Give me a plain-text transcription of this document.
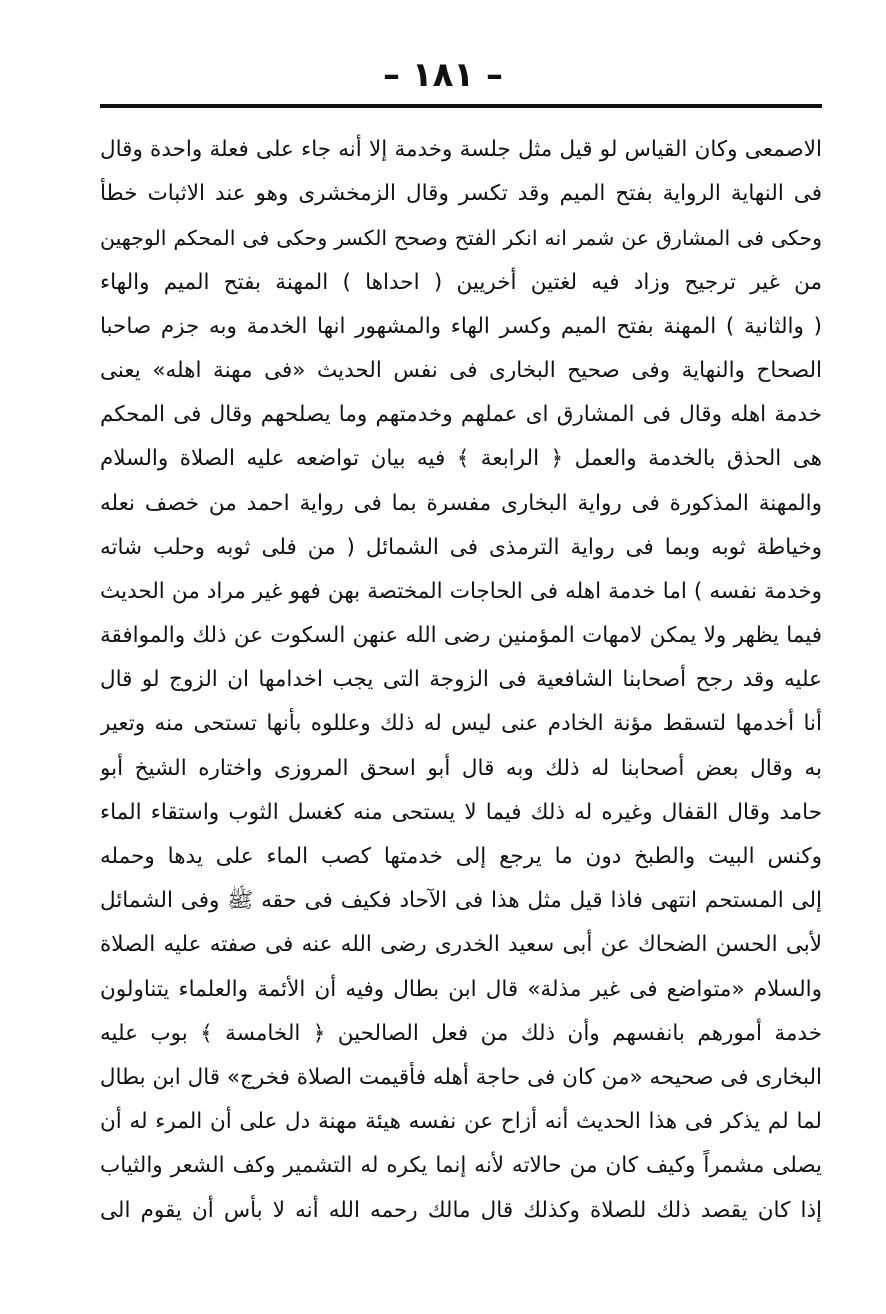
– ١٨١ –
الاصمعی وكان القياس لو قيل مثل جلسة وخدمة إلا أنه جاء على فعلة واحدة وقال
فی النهاية الرواية بفتح الميم وقد تكسر وقال الزمخشری وهو عند الاثبات خطأ
وحكى فی المشارق عن شمر انه انكر الفتح وصحح الكسر وحكى فی المحكم الوجهين
من غير ترجيح وزاد فيه لغتين أخريين ( احداها ) المهنة بفتح الميم والهاء
( والثانية ) المهنة بفتح الميم وكسر الهاء والمشهور انها الخدمة وبه جزم صاحبا
الصحاح والنهاية وفی صحيح البخاری فی نفس الحديث «فی مهنة اهله» يعنی
خدمة اهله وقال فی المشارق ای عملهم وخدمتهم وما يصلحهم وقال فی المحكم
هی الحذق بالخدمة والعمل ﴿ الرابعة ﴾ فيه بيان تواضعه عليه الصلاة والسلام
والمهنة المذكورة فی رواية البخاری مفسرة بما فی رواية احمد من خصف نعله
وخياطة ثوبه وبما فی رواية الترمذی فی الشمائل ( من فلى ثوبه وحلب شاته
وخدمة نفسه ) اما خدمة اهله فی الحاجات المختصة بهن فهو غير مراد من الحديث
فيما يظهر ولا يمكن لامهات المؤمنين رضی الله عنهن السكوت عن ذلك والموافقة
عليه وقد رجح أصحابنا الشافعية فی الزوجة التی يجب اخدامها ان الزوج لو قال
أنا أخدمها لتسقط مؤنة الخادم عنی ليس له ذلك وعللوه بأنها تستحی منه وتعير
به وقال بعض أصحابنا له ذلك وبه قال أبو اسحق المروزی واختاره الشيخ أبو
حامد وقال القفال وغيره له ذلك فيما لا يستحی منه كغسل الثوب واستقاء الماء
وكنس البيت والطبخ دون ما يرجع إلى خدمتها كصب الماء على يدها وحمله
إلى المستحم انتهى فاذا قيل مثل هذا فی الآحاد فكيف فی حقه ﷺ وفی الشمائل
لأبی الحسن الضحاك عن أبی سعيد الخدری رضی الله عنه فی صفته عليه الصلاة
والسلام «متواضع فی غير مذلة» قال ابن بطال وفيه أن الأئمة والعلماء يتناولون
خدمة أمورهم بانفسهم وأن ذلك من فعل الصالحين ﴿ الخامسة ﴾ بوب عليه
البخاری فی صحيحه «من كان فی حاجة أهله فأقيمت الصلاة فخرج» قال ابن بطال
لما لم يذكر فی هذا الحديث أنه أزاح عن نفسه هيئة مهنة دل على أن المرء له أن
يصلی مشمراً وكيف كان من حالاته لأنه إنما يكره له التشمير وكف الشعر والثياب
إذا كان يقصد ذلك للصلاة وكذلك قال مالك رحمه الله أنه لا بأس أن يقوم الى
